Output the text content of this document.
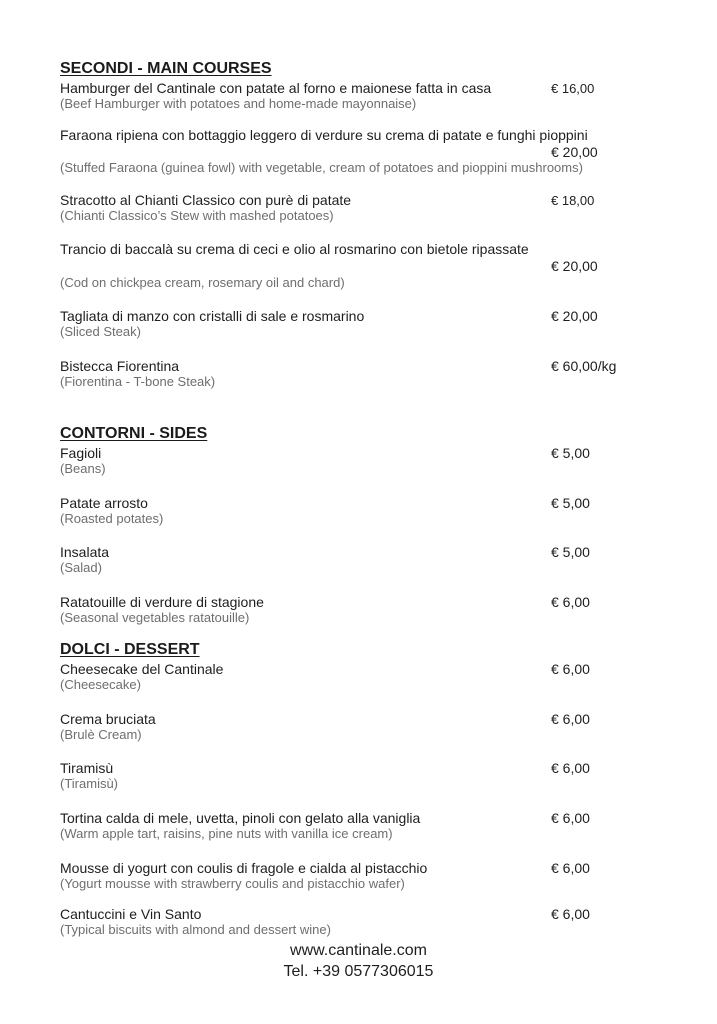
SECONDI - MAIN COURSES
Hamburger del Cantinale con patate al forno e maionese fatta in casa	€ 16,00
(Beef Hamburger with potatoes and home-made mayonnaise)
Faraona ripiena con bottaggio leggero di verdure su crema di patate e funghi pioppini
€ 20,00
(Stuffed Faraona (guinea fowl) with vegetable, cream of potatoes and pioppini mushrooms)
Stracotto al Chianti Classico con purè di patate	€ 18,00
(Chianti Classico’s Stew with mashed potatoes)
Trancio di baccalà su crema di ceci e olio al rosmarino con bietole ripassate
€ 20,00
(Cod on chickpea cream, rosemary oil and chard)
Tagliata di manzo con cristalli di sale e rosmarino	€ 20,00
(Sliced Steak)
Bistecca Fiorentina	€ 60,00/kg
(Fiorentina - T-bone Steak)
CONTORNI - SIDES
Fagioli	€ 5,00
(Beans)
Patate arrosto	€ 5,00
(Roasted potates)
Insalata	€ 5,00
(Salad)
Ratatouille di verdure di stagione	€ 6,00
(Seasonal vegetables ratatouille)
DOLCI - DESSERT
Cheesecake del Cantinale	€ 6,00
(Cheesecake)
Crema bruciata	€ 6,00
(Brulè Cream)
Tiramisù	€ 6,00
(Tiramisù)
Tortina calda di mele, uvetta, pinoli con gelato alla vaniglia	€ 6,00
(Warm apple tart, raisins, pine nuts with vanilla ice cream)
Mousse di yogurt con coulis di fragole e cialda al pistacchio	€ 6,00
(Yogurt mousse with strawberry coulis and pistacchio wafer)
Cantuccini e Vin Santo	€ 6,00
(Typical biscuits with almond and dessert wine)
www.cantinale.com
Tel. +39 0577306015
